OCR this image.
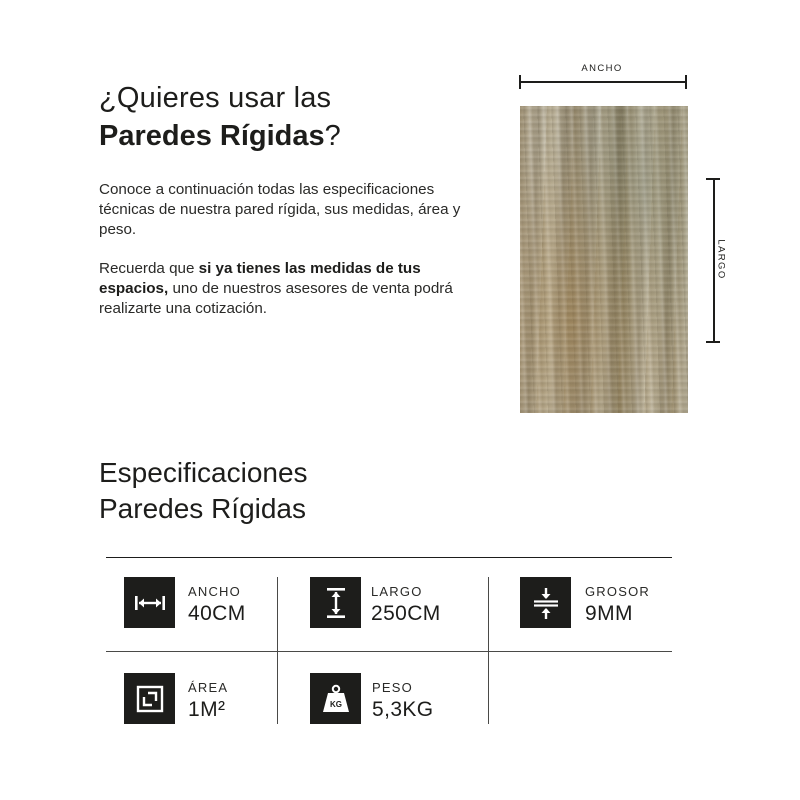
¿Quieres usar las
Paredes Rígidas?
Conoce a continuación todas las especificaciones técnicas de nuestra pared rígida, sus medidas, área y peso.
Recuerda que si ya tienes las medidas de tus espacios, uno de nuestros asesores de venta podrá realizarte una cotización.
ANCHO
LARGO
Especificaciones
Paredes Rígidas
ANCHO
40CM
LARGO
250CM
GROSOR
9MM
ÁREA
1M²	KG
PESO
5,3KG
